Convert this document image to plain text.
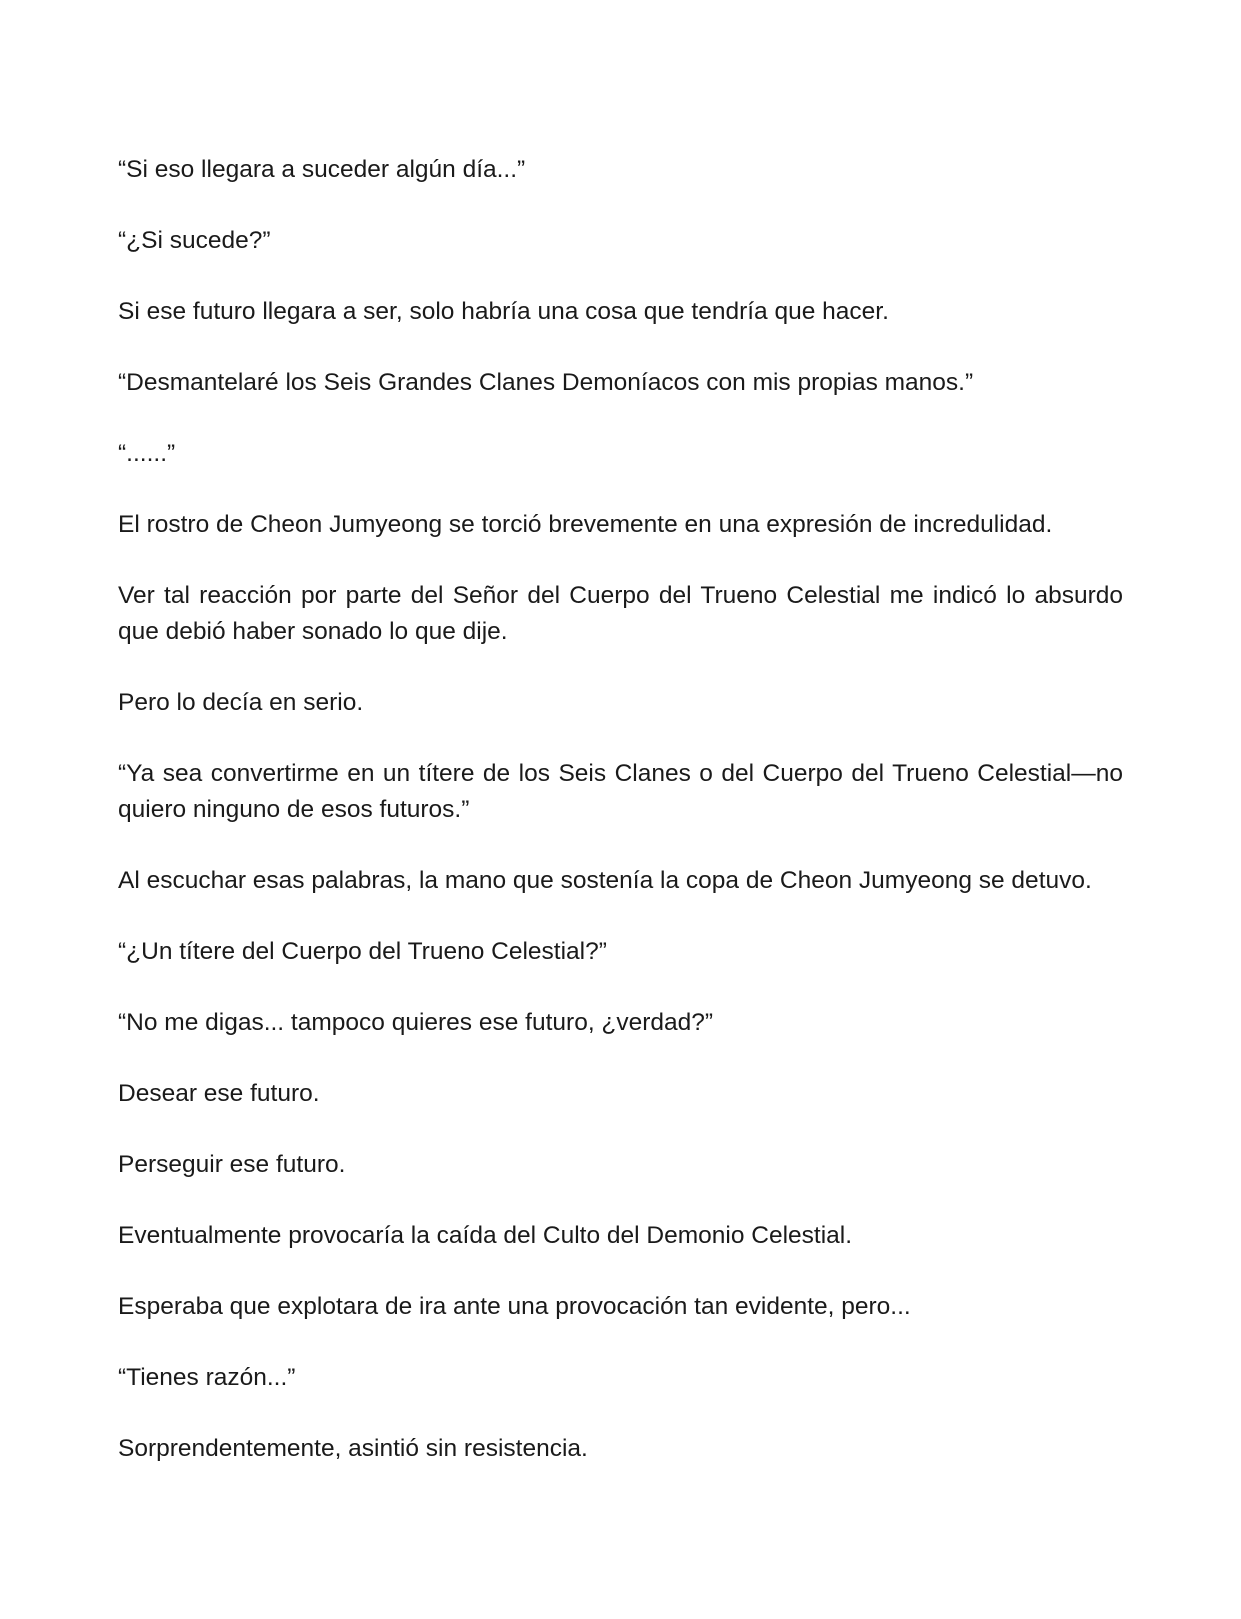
“Si eso llegara a suceder algún día...”

“¿Si sucede?”

Si ese futuro llegara a ser, solo habría una cosa que tendría que hacer.

“Desmantelaré los Seis Grandes Clanes Demoníacos con mis propias manos.”

“......”

El rostro de Cheon Jumyeong se torció brevemente en una expresión de incredulidad.

Ver tal reacción por parte del Señor del Cuerpo del Trueno Celestial me indicó lo absurdo que debió haber sonado lo que dije.

Pero lo decía en serio.

“Ya sea convertirme en un títere de los Seis Clanes o del Cuerpo del Trueno Celestial—no quiero ninguno de esos futuros.”

Al escuchar esas palabras, la mano que sostenía la copa de Cheon Jumyeong se detuvo.

“¿Un títere del Cuerpo del Trueno Celestial?”

“No me digas... tampoco quieres ese futuro, ¿verdad?”

Desear ese futuro.

Perseguir ese futuro.

Eventualmente provocaría la caída del Culto del Demonio Celestial.

Esperaba que explotara de ira ante una provocación tan evidente, pero...

“Tienes razón...”

Sorprendentemente, asintió sin resistencia.
